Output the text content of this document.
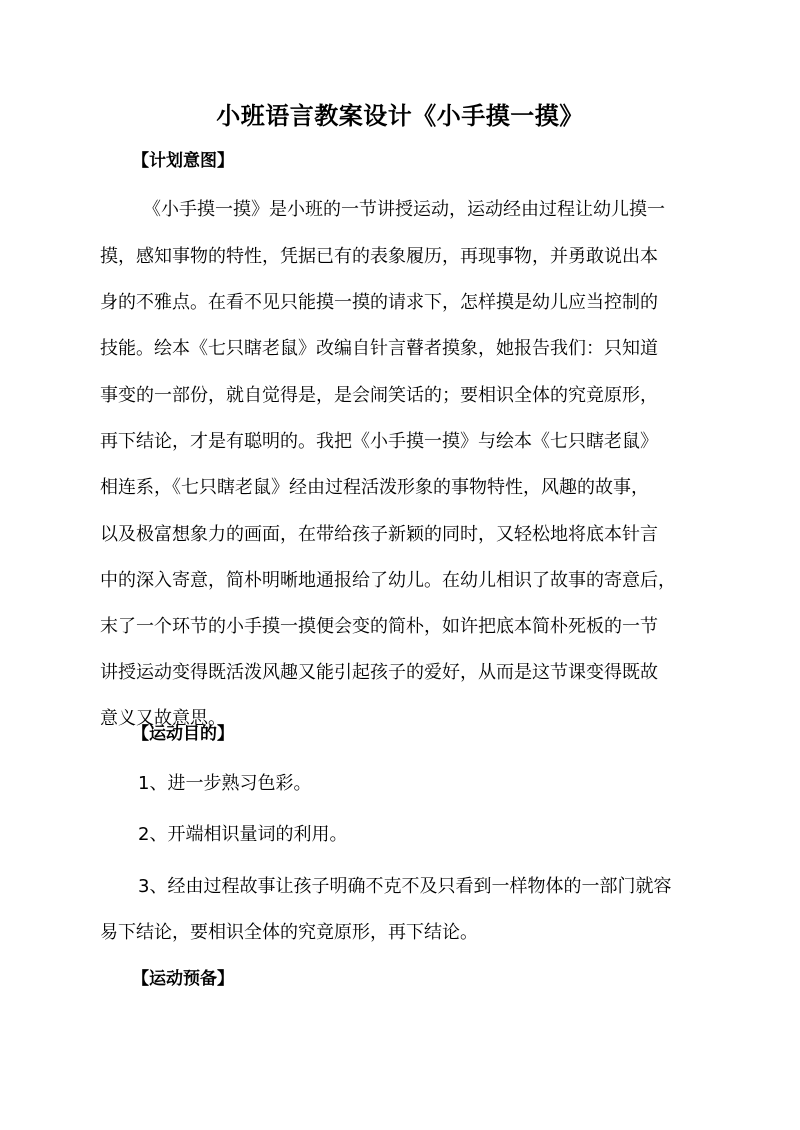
小班语言教案设计《小手摸一摸》
【计划意图】
《小手摸一摸》是小班的一节讲授运动，运动经由过程让幼儿摸一
摸，感知事物的特性，凭据已有的表象履历，再现事物，并勇敢说出本
身的不雅点。在看不见只能摸一摸的请求下，怎样摸是幼儿应当控制的
技能。绘本《七只瞎老鼠》改编自针言瞽者摸象，她报告我们：只知道
事变的一部份，就自觉得是，是会闹笑话的；要相识全体的究竟原形，
再下结论，才是有聪明的。我把《小手摸一摸》与绘本《七只瞎老鼠》
相连系，《七只瞎老鼠》经由过程活泼形象的事物特性，风趣的故事，
以及极富想象力的画面，在带给孩子新颖的同时，又轻松地将底本针言
中的深入寄意，简朴明晰地通报给了幼儿。在幼儿相识了故事的寄意后，
末了一个环节的小手摸一摸便会变的简朴，如许把底本简朴死板的一节
讲授运动变得既活泼风趣又能引起孩子的爱好，从而是这节课变得既故
意义又故意思。
【运动目的】
1、进一步熟习色彩。
2、开端相识量词的利用。
3、经由过程故事让孩子明确不克不及只看到一样物体的一部门就容
易下结论，要相识全体的究竟原形，再下结论。
【运动预备】
